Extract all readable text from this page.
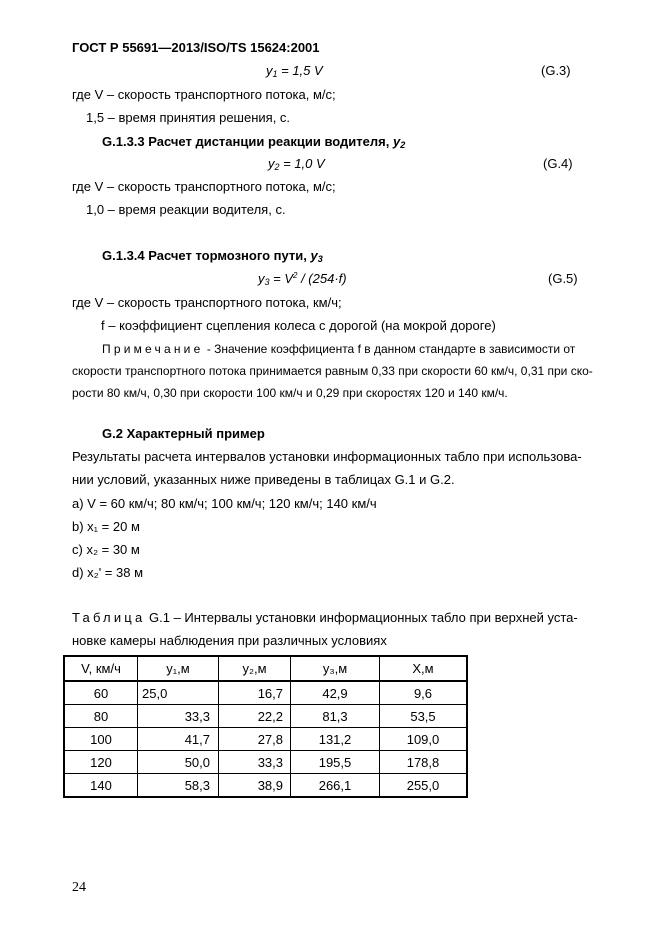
ГОСТ Р 55691—2013/ISO/TS 15624:2001
$y_1 = 1,5$ V	(G.3)
где V – скорость транспортного потока, м/с;
1,5 – время принятия решения, с.
G.1.3.3 Расчет дистанции реакции водителя, $y_2$
$y_2 = 1,0$ V	(G.4)
где V – скорость транспортного потока, м/с;
1,0 – время реакции водителя, с.
G.1.3.4 Расчет тормозного пути, $y_3$
$y_3 = V^2 / (254\cdot f)$	(G.5)
где V – скорость транспортного потока, км/ч;
f – коэффициент сцепления колеса с дорогой (на мокрой дороге)
Примечание - Значение коэффициента f в данном стандарте в зависимости от
скорости транспортного потока принимается равным 0,33 при скорости 60 км/ч, 0,31 при ско-
рости 80 км/ч, 0,30 при скорости 100 км/ч и 0,29 при скоростях 120 и 140 км/ч.
G.2 Характерный пример
Результаты расчета интервалов установки информационных табло при использова-
нии условий, указанных ниже приведены в таблицах G.1 и G.2.
a) V = 60 км/ч; 80 км/ч; 100 км/ч; 120 км/ч; 140 км/ч
b) x₁ = 20 м
c) x₂ = 30 м
d) x₂' = 38 м
Таблица G.1 – Интервалы установки информационных табло при верхней уста-
новке камеры наблюдения при различных условиях
V, км/ч	y₁,м	y₂,м	y₃,м	X,м
60	25,0	16,7	42,9	9,6
80	33,3	22,2	81,3	53,5
100	41,7	27,8	131,2	109,0
120	50,0	33,3	195,5	178,8
140	58,3	38,9	266,1	255,0
24
